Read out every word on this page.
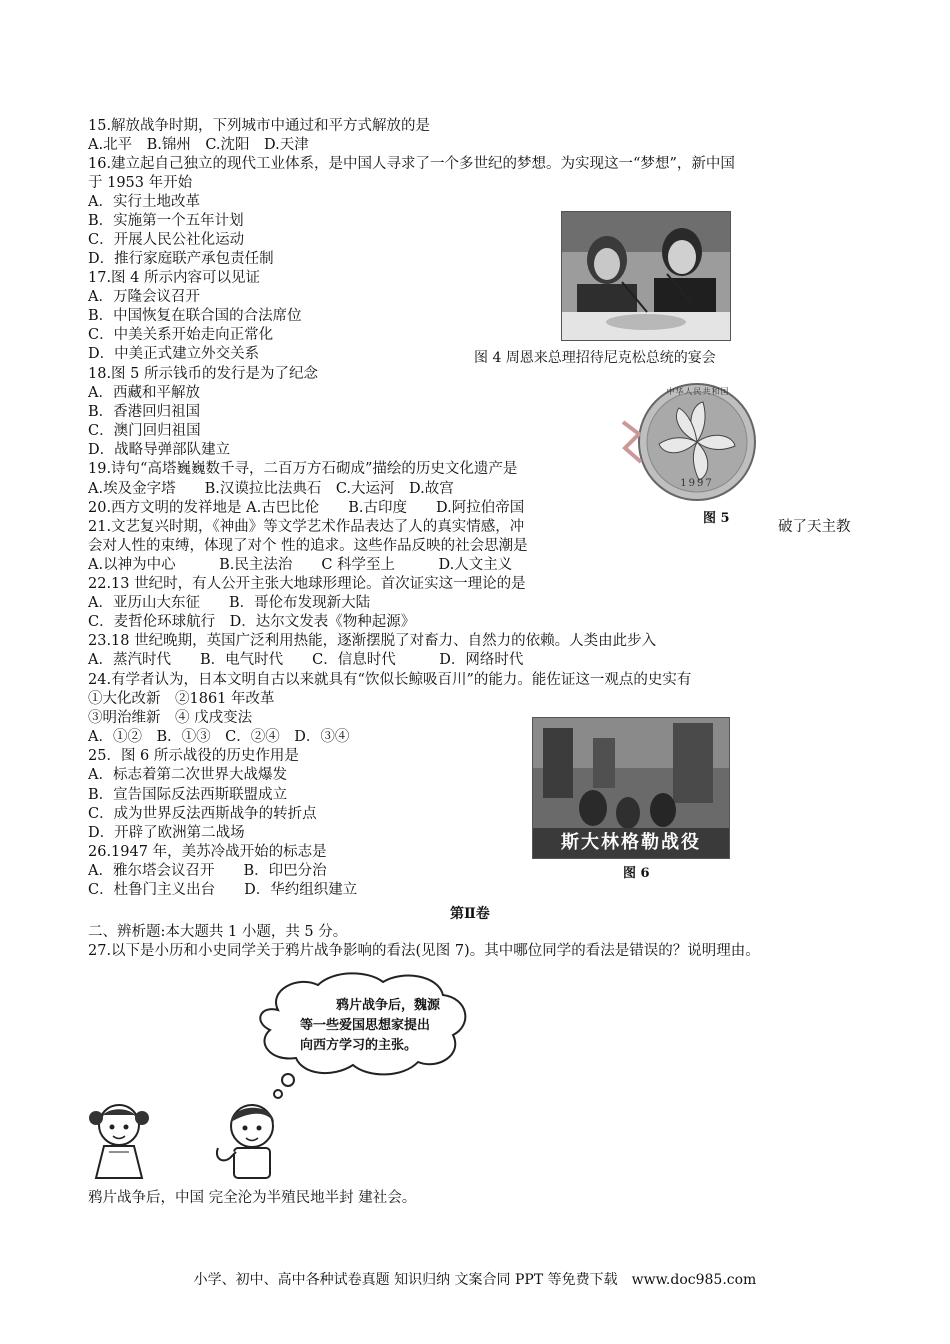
15.解放战争时期，下列城市中通过和平方式解放的是
A.北平　B.锦州　C.沈阳　D.天津
16.建立起自己独立的现代工业体系，是中国人寻求了一个多世纪的梦想。为实现这一“梦想”，新中国
于 1953 年开始
A．实行土地改革
B．实施第一个五年计划
C．开展人民公社化运动
D．推行家庭联产承包责任制
17.图 4 所示内容可以见证
A．万隆会议召开
B．中国恢复在联合国的合法席位
C．中美关系开始走向正常化
D．中美正式建立外交关系
18.图 5 所示钱币的发行是为了纪念
A．西藏和平解放
B．香港回归祖国
C．澳门回归祖国
D．战略导弹部队建立
19.诗句“高塔巍巍数千寻，二百万方石砌成”描绘的历史文化遗产是
A.埃及金字塔　　B.汉谟拉比法典石　C.大运河　D.故宫
20.西方文明的发祥地是 A.古巴比伦　　B.古印度　　D.阿拉伯帝国
21.文艺复兴时期，《神曲》等文学艺术作品表达了人的真实情感，冲	破了天主教
会对人性的束缚，体现了对个 性的追求。这些作品反映的社会思潮是
A.以神为中心　　　B.民主法治　　C 科学至上　　　D.人文主义
22.13 世纪时，有人公开主张大地球形理论。首次证实这一理论的是
A．亚历山大东征　　B．哥伦布发现新大陆
C．麦哲伦环球航行　D．达尔文发表《物种起源》
23.18 世纪晚期，英国广泛利用热能，逐渐摆脱了对畜力、自然力的依赖。人类由此步入
A．蒸汽时代　　B．电气时代　　C．信息时代　　　D．网络时代
24.有学者认为，日本文明自古以来就具有“饮似长鲸吸百川”的能力。能佐证这一观点的史实有
①大化改新　②1861 年改革
③明治维新　④ 戊戌变法
A．①②　B．①③　C．②④　D．③④
25．图 6 所示战役的历史作用是
A．标志着第二次世界大战爆发
B．宣告国际反法西斯联盟成立
C．成为世界反法西斯战争的转折点
D．开辟了欧洲第二战场
26.1947 年，美苏冷战开始的标志是
A．雅尔塔会议召开　　B．印巴分治
C．杜鲁门主义出台　　D．华约组织建立
图 4 周恩来总理招待尼克松总统的宴会
中华人民共和国
1997
图 5
斯大林格勒战役
图 6
第Ⅱ卷
二、辨析题:本大题共 1 小题，共 5 分。
27.以下是小历和小史同学关于鸦片战争影响的看法(见图 7)。其中哪位同学的看法是错误的？说明理由。
鸦片战争后，魏源
等一些爱国思想家提出
向西方学习的主张。
鸦片战争后，中国 完全沦为半殖民地半封 建社会。
小学、初中、高中各种试卷真题 知识归纳 文案合同 PPT 等免费下载　www.doc985.com
